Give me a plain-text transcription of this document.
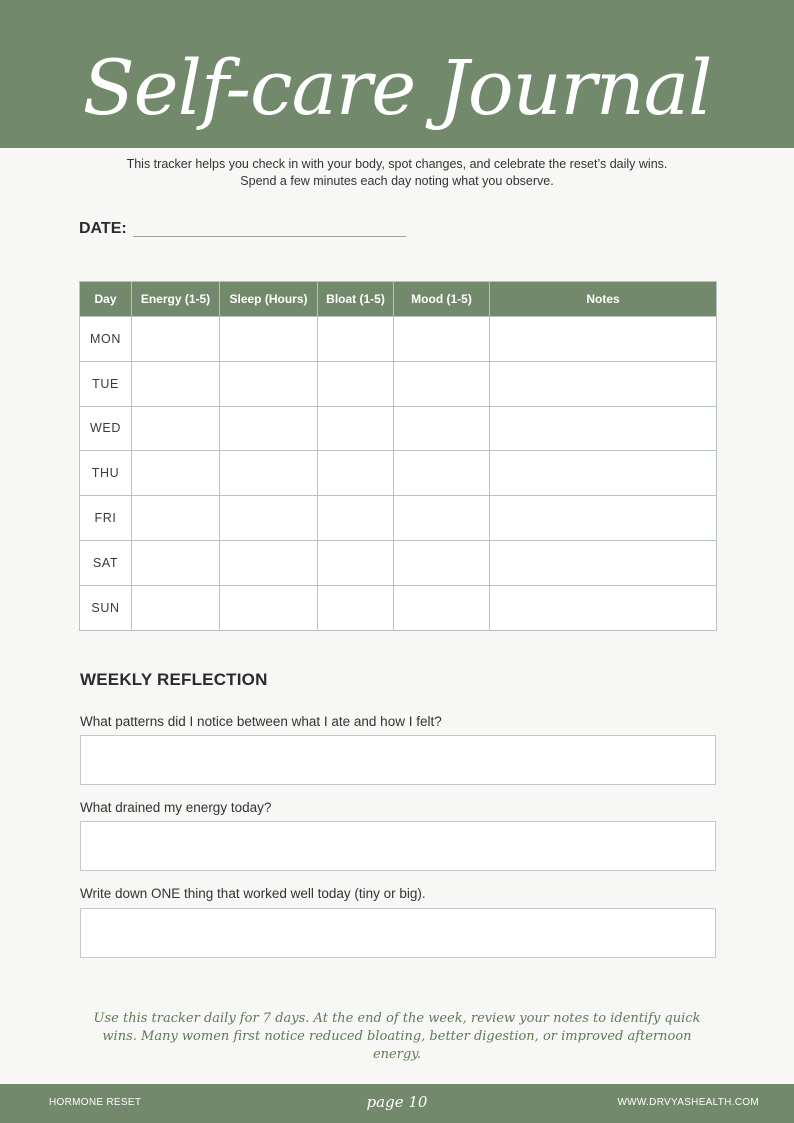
Self-care Journal
This tracker helps you check in with your body, spot changes, and celebrate the reset’s daily wins.
Spend a few minutes each day noting what you observe.
DATE:
Day	Energy (1-5)	Sleep (Hours)	Bloat (1-5)	Mood (1-5)	Notes
MON					
TUE					
WED					
THU					
FRI					
SAT					
SUN					
WEEKLY REFLECTION
What patterns did I notice between what I ate and how I felt?
What drained my energy today?
Write down ONE thing that worked well today (tiny or big).
Use this tracker daily for 7 days. At the end of the week, review your notes to identify quick wins. Many women first notice reduced bloating, better digestion, or improved afternoon energy.
HORMONE RESET	page 10	WWW.DRVYASHEALTH.COM
